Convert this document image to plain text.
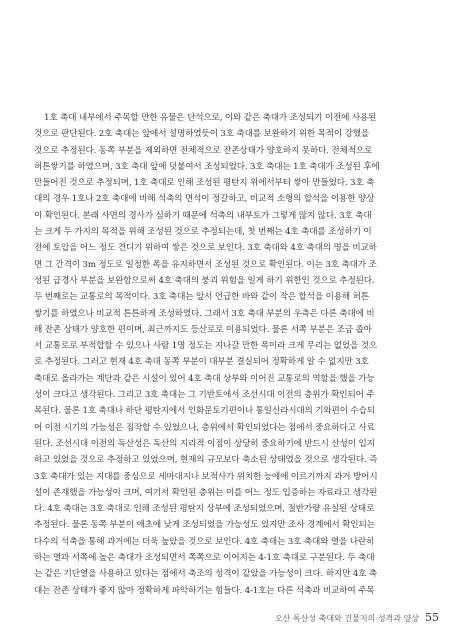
1호 축대 내부에서 주목할 만한 유물은 단석으로, 이와 같은 축대가 조성되기 이전에 사용된
것으로 판단된다. 2호 축대는 앞에서 설명하였듯이 3호 축대를 보완하기 위한 목적이 강했을
것으로 추정된다. 동쪽 부분을 제외하면 전체적으로 잔존상태가 양호하지 못하다. 전체적으로
허튼쌓기를 하였으며, 3호 축대 앞에 덧붙여서 조성되었다. 3호 축대는 1호 축대가 조성된 후에
만들어진 것으로 추정되며, 1호 축대로 인해 조성된 평탄지 위에서부터 쌓아 만들었다. 3호 축
대의 경우 1호나 2호 축대에 비해 석축의 면석이 정갈하고, 비교적 소형의 할석을 이용한 양상
이 확인된다. 본래 사면의 경사가 심하기 때문에 석축의 내부토가 그렇게 많지 않다. 3호 축대
는 크게 두 가지의 목적을 위해 조성된 것으로 추정되는데, 첫 번째는 4호 축대를 조성하기 이
전에 토압을 어느 정도 견디기 위하여 쌓은 것으로 보인다. 3호 축대와 4호 축대의 명을 비교하
면 그 간격이 3m 정도로 일정한 폭을 유지하면서 조성된 것으로 확인된다. 이는 3호 축대가 조
성된 급경사 부분을 보완함으로써 4호 축대의 붕괴 위험을 일게 하기 위한인 것으로 추정된다.
두 번째로는 교통로의 목적이다. 3호 축대는 앞서 언급한 바와 같이 작은 할석을 이용해 허튼
쌓기를 하였으나 비교적 튼튼하게 조성하였다. 그래서 3호 축대 부분의 우측은 다른 축대에 비
해 잔존 상태가 양호한 편이며, 최근까지도 등산로로 이용되었다. 물론 서쪽 부분은 조금 좁아
서 교통로로 부적합할 수 있으나 사람 1명 정도는 지나갈 만한 폭이라 크게 무리는 없었을 것으
로 추정된다. 그러고 현재 4호 축대 동쪽 부분이 대부분 결실되어 정확하게 알 수 없지만 3호
축대로 올라가는 계단과 같은 시설이 있어 4호 축대 상부와 이어진 교통로의 역할을 했을 가능
성이 크다고 생각된다. 그리고 3호 축대는 그 기반토에서 조선시대 이전의 층위가 확인되어 주
목된다. 물론 1호 축대나 하단 평탄지에서 인화문토기편이나 통일신라시대의 기와편이 수습되
어 이전 시기의 가능성은 짐작할 수 있었으나, 층위에서 확인되었다는 점에서 중요하다고 사료
된다. 조선시대 이전의 독산성은 독산의 지리적 이점이 상당히 중요하기에 반드시 산성이 입지
하고 있었을 것으로 추정하고 있었으며, 현재의 규모보다 축소된 상태였을 것으로 생각된다. 즉
3호 축대가 있는 지대를 중심으로 세마대지나 보적사가 위치한 능에에 이르기까지 과거 방어시
설이 존재했을 가능성이 크며, 여기서 확인된 층위는 이를 어느 정도 입증하는 자료라고 생각된
다. 4호 축대는 3호 축대로 인해 조성된 평탄지 상부에 조성되었으며, 절반가량 유실된 상태로
추정된다. 물론 동쪽 부분이 애초에 낮게 조성되었을 가능성도 있지만 조사 경계에서 확인되는
다수의 석축을 통해 과거에는 더욱 높았을 것으로 보인다. 4호 축대는 3호 축대와 열을 나란히
하는 열과 서쪽에 높은 축대가 조성되면서 쪽쪽으로 이어지는 4-1호 축대로 구분된다. 두 축대
는 같은 기단열을 사용하고 있다는 점에서 축조의 성격이 같았을 가능성이 크다. 하지만 4호 축
대는 잔존 상태가 좋지 않아 정확하게 파악하기는 힘들다. 4-1호는 다른 석축과 비교하여 주목
오산 독산성 축대와 건물지의 성격과 양상 55
